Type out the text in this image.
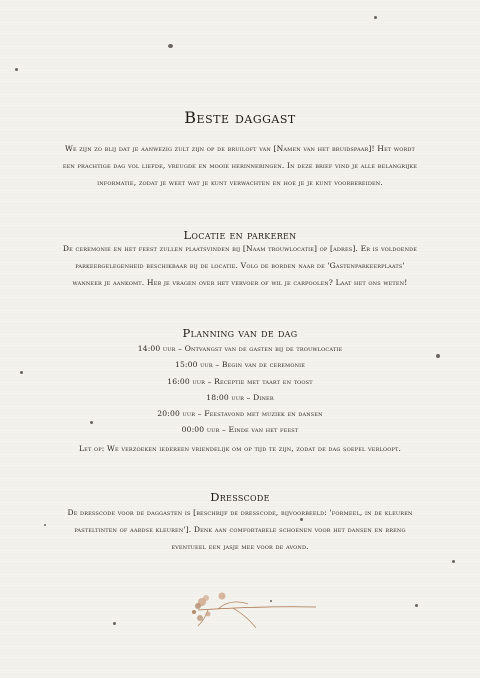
Beste daggast
We zijn zo blij dat je aanwezig zult zijn op de bruiloft van [Namen van het bruidspaar]! Het wordt een prachtige dag vol liefde, vreugde en mooie herinneringen. In deze brief vind je alle belangrijke informatie, zodat je weet wat je kunt verwachten en hoe je je kunt voorbereiden.
Locatie en parkeren
De ceremonie en het feest zullen plaatsvinden bij [Naam trouwlocatie] op [adres]. Er is voldoende parkeergelegenheid beschikbaar bij de locatie. Volg de borden naar de 'Gastenparkeerplaats' wanneer je aankomt. Heb je vragen over het vervoer of wil je carpoolen? Laat het ons weten!
Planning van de dag
14:00 uur – Ontvangst van de gasten bij de trouwlocatie
15:00 uur – Begin van de ceremonie
16:00 uur – Receptie met taart en toost
18:00 uur – Diner
20:00 uur – Feestavond met muziek en dansen
00:00 uur – Einde van het feest
Let op: We verzoeken iedereen vriendelijk om op tijd te zijn, zodat de dag soepel verloopt.
Dresscode
De dresscode voor de daggasten is [beschrijf de dresscode, bijvoorbeeld: 'formeel, in de kleuren pasteltinten of aardse kleuren']. Denk aan comfortabele schoenen voor het dansen en breng eventueel een jasje mee voor de avond.
